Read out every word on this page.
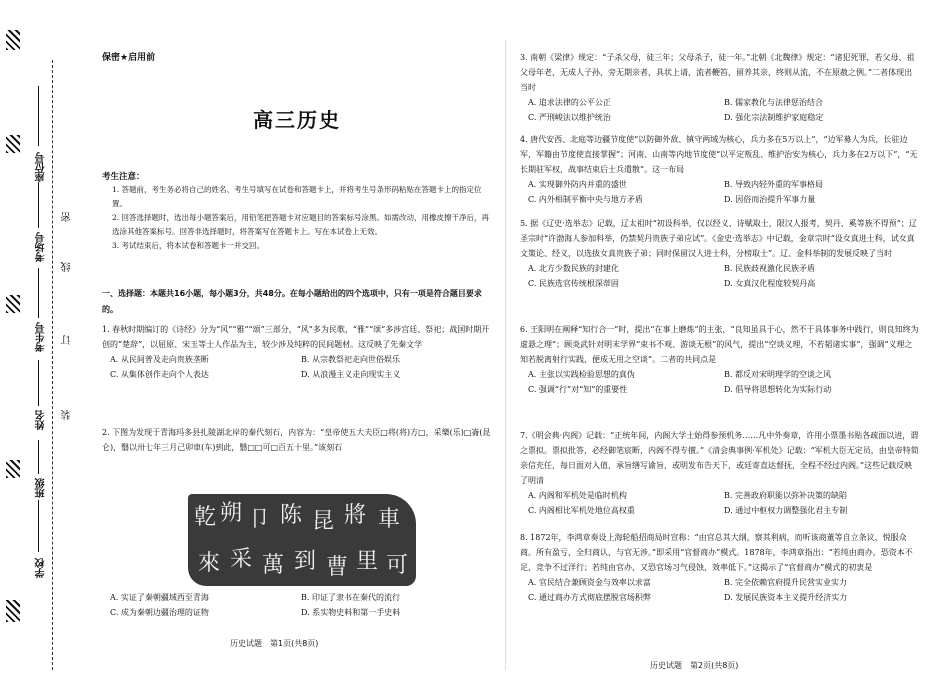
座位号
考场号
考生号
姓名
班级
学校
密
线
订
装
保密★启用前
高三历史
考生注意：

1. 答题前，考生务必将自己的姓名、考生号填写在试卷和答题卡上，并将考生号条形码粘贴在答题卡上的指定位置。

2. 回答选择题时，选出每小题答案后，用铅笔把答题卡对应题目的答案标号涂黑。如需改动，用橡皮擦干净后，再选涂其他答案标号。回答非选择题时，将答案写在答题卡上。写在本试卷上无效。

3. 考试结束后，将本试卷和答题卡一并交回。

一、选择题：本题共16小题，每小题3分，共48分。在每小题给出的四个选项中，只有一项是符合题目要求的。

1. 春秋时期编订的《诗经》分为“风”“雅”“颂”三部分，“风”多为民歌，“雅”“颂”多涉宫廷、祭祀；战国时期开创的“楚辞”，以屈原、宋玉等士人作品为主，较少涉及纯粹的民间题材。这反映了先秦文学

A. 从民间普及走向贵族垄断	B. 从宗教祭祀走向世俗娱乐

C. 从集体创作走向个人表达	D. 从浪漫主义走向现实主义

2. 下图为发现于青海玛多县扎陵湖北岸的秦代刻石，内容为：“皇帝使五大夫臣□将(将)方□，采樂(乐)□崙(昆仑)，翳以卅七年三月己卯車(车)到此，翳□□可□百五十里。”该刻石

亁 朔 卩 陈 昆 將 車
來 采 萬 到 曹 里 可

A. 实证了秦朝疆域西至青海	B. 印证了隶书在秦代的流行

C. 成为秦朝边疆治理的证物	D. 系实物史料和第一手史料

历史试题　第1页(共8页)

3. 南朝《梁律》规定：“子杀父母，徒三年；父母杀子，徒一年。”北朝《北魏律》规定：“诸犯死罪，若父母、祖父母年老，无成人子孙，旁无期亲者，具状上请，流者鞭笞，留养其亲，终则从流，不在原赦之例。”二者体现出当时

A. 追求法律的公平公正	B. 儒家教化与法律惩治结合

C. 严刑峻法以维护统治	D. 强化宗法制维护家庭稳定

4. 唐代安西、北庭等边疆节度使“以防御外敌、镇守两域为核心，兵力多在5万以上”，“边军募人为兵，长驻边军，军籍由节度使直接掌握”；河南、山南等内地节度使“以平定叛乱、维护治安为核心，兵力多在2万以下”，“无长期驻军权，战事结束后士兵遣散”。这一布局

A. 实现御外防内并重的盛世	B. 导致内轻外重的军事格局

C. 内外相制平衡中央与地方矛盾	D. 因俗而治提升军事力量

5. 据《辽史·选举志》记载，辽太祖时“初设科举，仅以经义、诗赋取士，限汉人报考，契丹、奚等族不得预”；辽圣宗时“许渤海人参加科举，仍禁契丹贵族子弟应试”。《金史·选举志》中记载，金章宗时“设女真进士科，试女真文策论、经义，以选拔女真贵族子弟；同时保留汉人进士科，分榜取士”。辽、金科举制的发展反映了当时

A. 北方少数民族的封建化	B. 民族歧视激化民族矛盾

C. 民族选官传统根深蒂固	D. 女真汉化程度较契丹高

6. 王阳明在阐释“知行合一”时，提出“在事上磨炼”的主张，“良知虽具于心，然不于具体事务中践行，则良知终为虚悬之理”；顾炎武针对明末学界“束书不观、游谈无根”的风气，提出“空谈义理，不若韬诸实事”，强调“义理之知若脱离射行实践，便成无用之空谈”。二者的共同点是

A. 主张以实践检验思想的真伪	B. 都反对宋明理学的空谈之风

C. 强调“行”对“知”的重要性	D. 倡导将思想转化为实际行动

7.《明会典·内阁》记载：“正统年间，内阁大学士始得参预机务……凡中外奏章，许用小票墨书贴各疏面以进，谓之票拟。票拟批答，必经御笔宸断，内阁不得专擅。”《清会典事例·军机处》记载：“军机大臣无定员，由皇帝特简亲信充任，每日面对入值，承旨缮写谕旨，或明发布告天下，或廷寄直达督抚，全程不经过内阁。”这些记载反映了明清

A. 内阁和军机处是临时机构	B. 完善政府职能以弥补决策的缺陷

C. 内阁相比军机处地位高权重	D. 通过中枢权力调整强化君主专制

8. 1872年，李鸿章奏设上海轮船招商局时宣称：“由官总其大纲，察其利病，而听该商董等自立条议，悦服众商。所有盈亏，全归商认，与官无涉。”即采用“官督商办”模式。1878年，李鸿章指出：“若纯由商办，恐资本不足，竞争不过洋行；若纯由官办，又恐官场习气侵蚀，效率低下。”这揭示了“官督商办”模式的初衷是

A. 官民结合兼顾资金与效率以求富	B. 完全依赖官府提升民营实业实力

C. 通过商办方式彻底摆脱官场积弊	D. 发展民族资本主义提升经济实力

历史试题　第2页(共8页)
